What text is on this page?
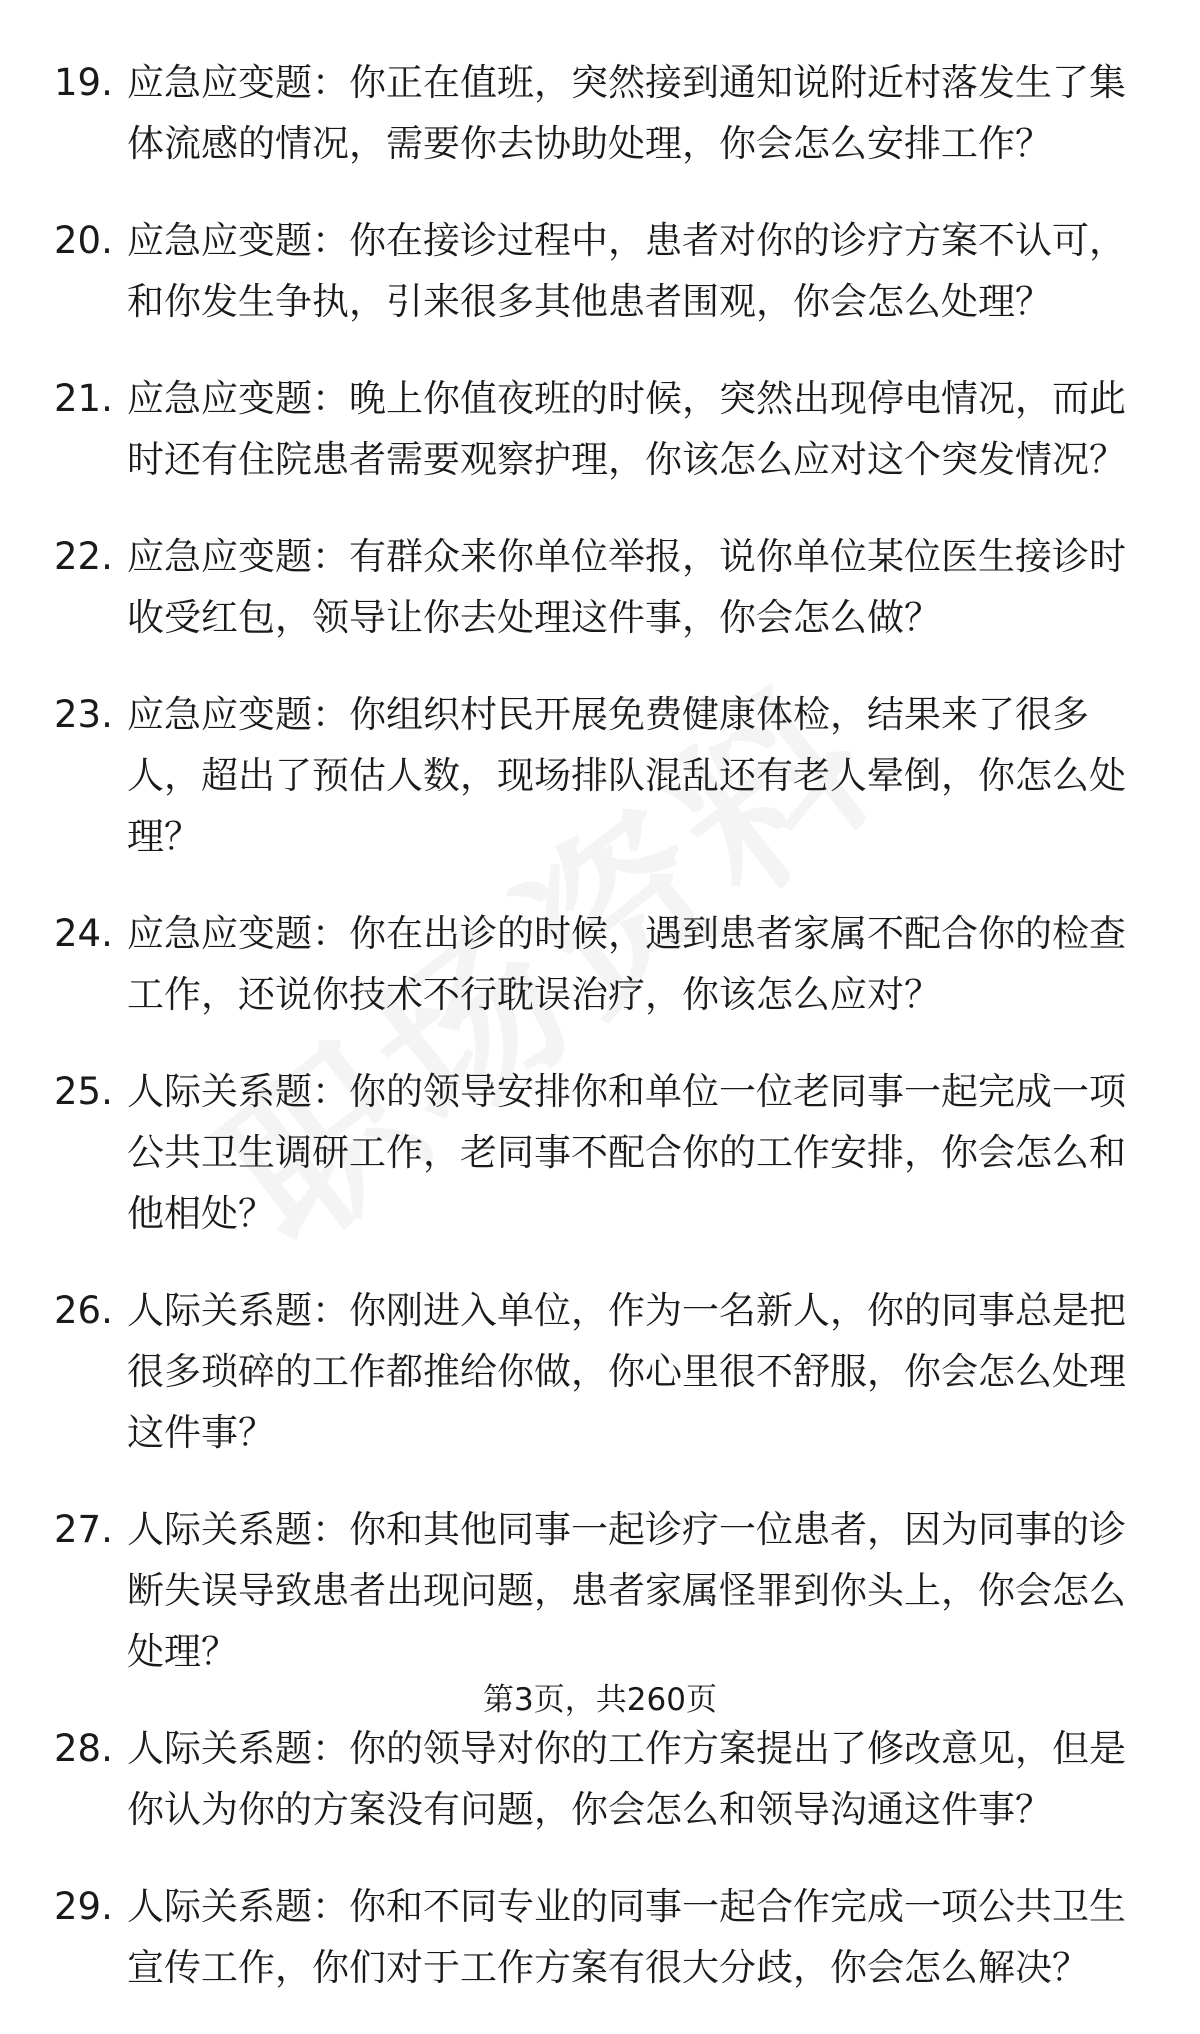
19. 应急应变题：你正在值班，突然接到通知说附近村落发生了集体流感的情况，需要你去协助处理，你会怎么安排工作？
20. 应急应变题：你在接诊过程中，患者对你的诊疗方案不认可，和你发生争执，引来很多其他患者围观，你会怎么处理？
21. 应急应变题：晚上你值夜班的时候，突然出现停电情况，而此时还有住院患者需要观察护理，你该怎么应对这个突发情况？
22. 应急应变题：有群众来你单位举报，说你单位某位医生接诊时收受红包，领导让你去处理这件事，你会怎么做？
23. 应急应变题：你组织村民开展免费健康体检，结果来了很多人，超出了预估人数，现场排队混乱还有老人晕倒，你怎么处理？
24. 应急应变题：你在出诊的时候，遇到患者家属不配合你的检查工作，还说你技术不行耽误治疗，你该怎么应对？
25. 人际关系题：你的领导安排你和单位一位老同事一起完成一项公共卫生调研工作，老同事不配合你的工作安排，你会怎么和他相处？
26. 人际关系题：你刚进入单位，作为一名新人，你的同事总是把很多琐碎的工作都推给你做，你心里很不舒服，你会怎么处理这件事？
27. 人际关系题：你和其他同事一起诊疗一位患者，因为同事的诊断失误导致患者出现问题，患者家属怪罪到你头上，你会怎么处理？
28. 人际关系题：你的领导对你的工作方案提出了修改意见，但是你认为你的方案没有问题，你会怎么和领导沟通这件事？
29. 人际关系题：你和不同专业的同事一起合作完成一项公共卫生宣传工作，你们对于工作方案有很大分歧，你会怎么解决？
第3页，共260页
